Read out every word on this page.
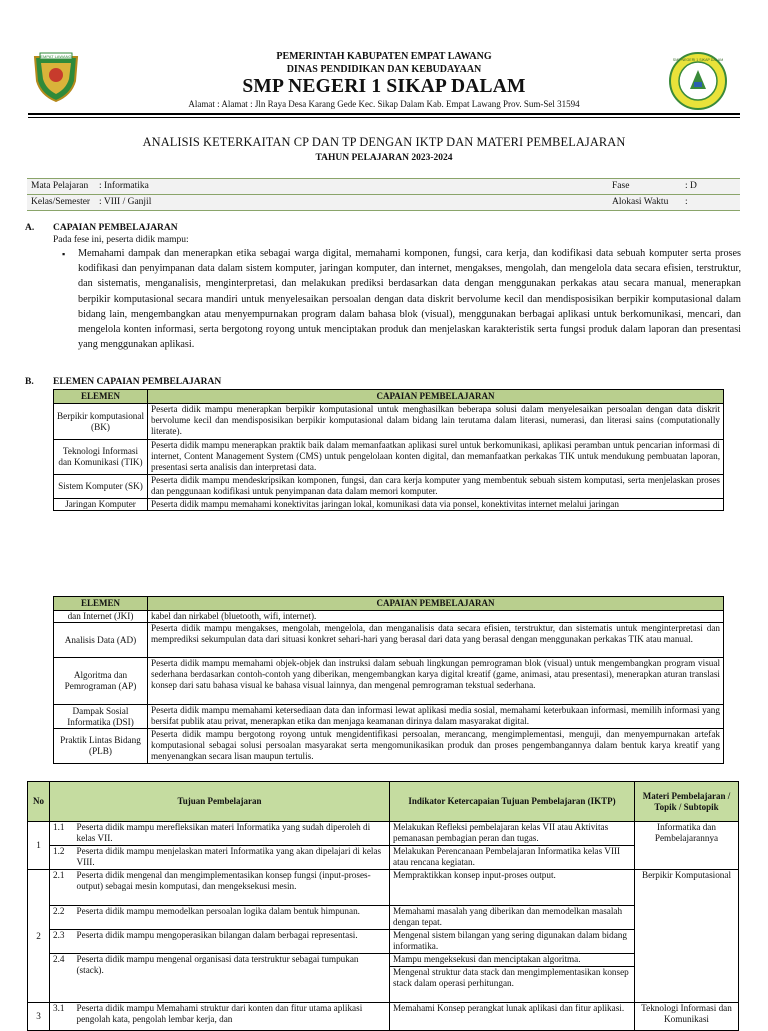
EMPAT LAWANG
SMP NEGERI 1 SIKAP DALAM
PEMERINTAH KABUPATEN EMPAT LAWANG
DINAS PENDIDIKAN DAN KEBUDAYAAN
SMP NEGERI 1 SIKAP DALAM
Alamat : Alamat : Jln Raya Desa Karang Gede Kec. Sikap Dalam Kab. Empat Lawang Prov. Sum-Sel 31594
ANALISIS KETERKAITAN CP DAN TP DENGAN IKTP DAN MATERI PEMBELAJARAN
TAHUN PELAJARAN 2023-2024
Mata Pelajaran : Informatika	Fase	: D
Kelas/Semester : VIII / Ganjil	Alokasi Waktu :
A. CAPAIAN PEMBELAJARAN
Pada fese ini, peserta didik mampu:
▪ Memahami dampak dan menerapkan etika sebagai warga digital, memahami komponen, fungsi, cara kerja, dan kodifikasi data sebuah komputer serta proses kodifikasi dan penyimpanan data dalam sistem komputer, jaringan komputer, dan internet, mengakses, mengolah, dan mengelola data secara efisien, terstruktur, dan sistematis, menganalisis, menginterpretasi, dan melakukan prediksi berdasarkan data dengan menggunakan perkakas atau secara manual, menerapkan berpikir komputasional secara mandiri untuk menyelesaikan persoalan dengan data diskrit bervolume kecil dan mendisposisikan berpikir komputasional dalam bidang lain, mengembangkan atau menyempurnakan program dalam bahasa blok (visual), menggunakan berbagai aplikasi untuk berkomunikasi, mencari, dan mengelola konten informasi, serta bergotong royong untuk menciptakan produk dan menjelaskan karakteristik serta fungsi produk dalam laporan dan presentasi yang menggunakan aplikasi.
B. ELEMEN CAPAIAN PEMBELAJARAN
ELEMEN	CAPAIAN PEMBELAJARAN
Berpikir komputasional (BK)	Peserta didik mampu menerapkan berpikir komputasional untuk menghasilkan beberapa solusi dalam menyelesaikan persoalan dengan data diskrit bervolume kecil dan mendisposisikan berpikir komputasional dalam bidang lain terutama dalam literasi, numerasi, dan literasi sains (computationally literate).
Teknologi Informasi dan Komunikasi (TIK)	Peserta didik mampu menerapkan praktik baik dalam memanfaatkan aplikasi surel untuk berkomunikasi, aplikasi peramban untuk pencarian informasi di internet, Content Management System (CMS) untuk pengelolaan konten digital, dan memanfaatkan perkakas TIK untuk mendukung pembuatan laporan, presentasi serta analisis dan interpretasi data.
Sistem Komputer (SK)	Peserta didik mampu mendeskripsikan komponen, fungsi, dan cara kerja komputer yang membentuk sebuah sistem komputasi, serta menjelaskan proses dan penggunaan kodifikasi untuk penyimpanan data dalam memori komputer.
Jaringan Komputer	Peserta didik mampu memahami konektivitas jaringan lokal, komunikasi data via ponsel, konektivitas internet melalui jaringan
ELEMEN	CAPAIAN PEMBELAJARAN
dan Internet (JKI)	kabel dan nirkabel (bluetooth, wifi, internet).
Analisis Data (AD)	Peserta didik mampu mengakses, mengolah, mengelola, dan menganalisis data secara efisien, terstruktur, dan sistematis untuk menginterpretasi dan memprediksi sekumpulan data dari situasi konkret sehari-hari yang berasal dari data yang berasal dengan menggunakan perkakas TIK atau manual.
Algoritma dan Pemrograman (AP)	Peserta didik mampu memahami objek-objek dan instruksi dalam sebuah lingkungan pemrograman blok (visual) untuk mengembangkan program visual sederhana berdasarkan contoh-contoh yang diberikan, mengembangkan karya digital kreatif (game, animasi, atau presentasi), menerapkan aturan translasi konsep dari satu bahasa visual ke bahasa visual lainnya, dan mengenal pemrograman tekstual sederhana.
Dampak Sosial Informatika (DSI)	Peserta didik mampu memahami ketersediaan data dan informasi lewat aplikasi media sosial, memahami keterbukaan informasi, memilih informasi yang bersifat publik atau privat, menerapkan etika dan menjaga keamanan dirinya dalam masyarakat digital.
Praktik Lintas Bidang (PLB)	Peserta didik mampu bergotong royong untuk mengidentifikasi persoalan, merancang, mengimplementasi, menguji, dan menyempurnakan artefak komputasional sebagai solusi persoalan masyarakat serta mengomunikasikan produk dan proses pengembangannya dalam bentuk karya kreatif yang menyenangkan secara lisan maupun tertulis.
No	Tujuan Pembelajaran		Indikator Ketercapaian Tujuan Pembelajaran (IKTP)	Materi Pembelajaran / Topik / Subtopik
1	1.1	Peserta didik mampu merefleksikan materi Informatika yang sudah diperoleh di kelas VII.	Melakukan Refleksi pembelajaran kelas VII atau Aktivitas pemanasan pembagian peran dan tugas.	Informatika dan Pembelajarannya
	1.2	Peserta didik mampu menjelaskan materi Informatika yang akan dipelajari di kelas VIII.	Melakukan Perencanaan Pembelajaran Informatika kelas VIII atau rencana kegiatan.	
2	2.1	Peserta didik mengenal dan mengimplementasikan konsep fungsi (input-proses- output) sebagai mesin komputasi, dan mengeksekusi mesin.	Mempraktikkan konsep input-proses output.	Berpikir Komputasional
	2.2	Peserta didik mampu memodelkan persoalan logika dalam bentuk himpunan.	Memahami masalah yang diberikan dan memodelkan masalah dengan tepat.	
	2.3	Peserta didik mampu mengoperasikan bilangan dalam berbagai representasi.	Mengenal sistem bilangan yang sering digunakan dalam bidang informatika.	
	2.4	Peserta didik mampu mengenal organisasi data terstruktur sebagai tumpukan (stack).	Mampu mengeksekusi dan menciptakan algoritma.	
			Mengenal struktur data stack dan mengimplementasikan konsep stack dalam operasi perhitungan.	
3	3.1	Peserta didik mampu Memahami struktur dari konten dan fitur utama aplikasi pengolah kata, pengolah lembar kerja, dan	Memahami Konsep perangkat lunak aplikasi dan fitur aplikasi.	Teknologi Informasi dan Komunikasi
